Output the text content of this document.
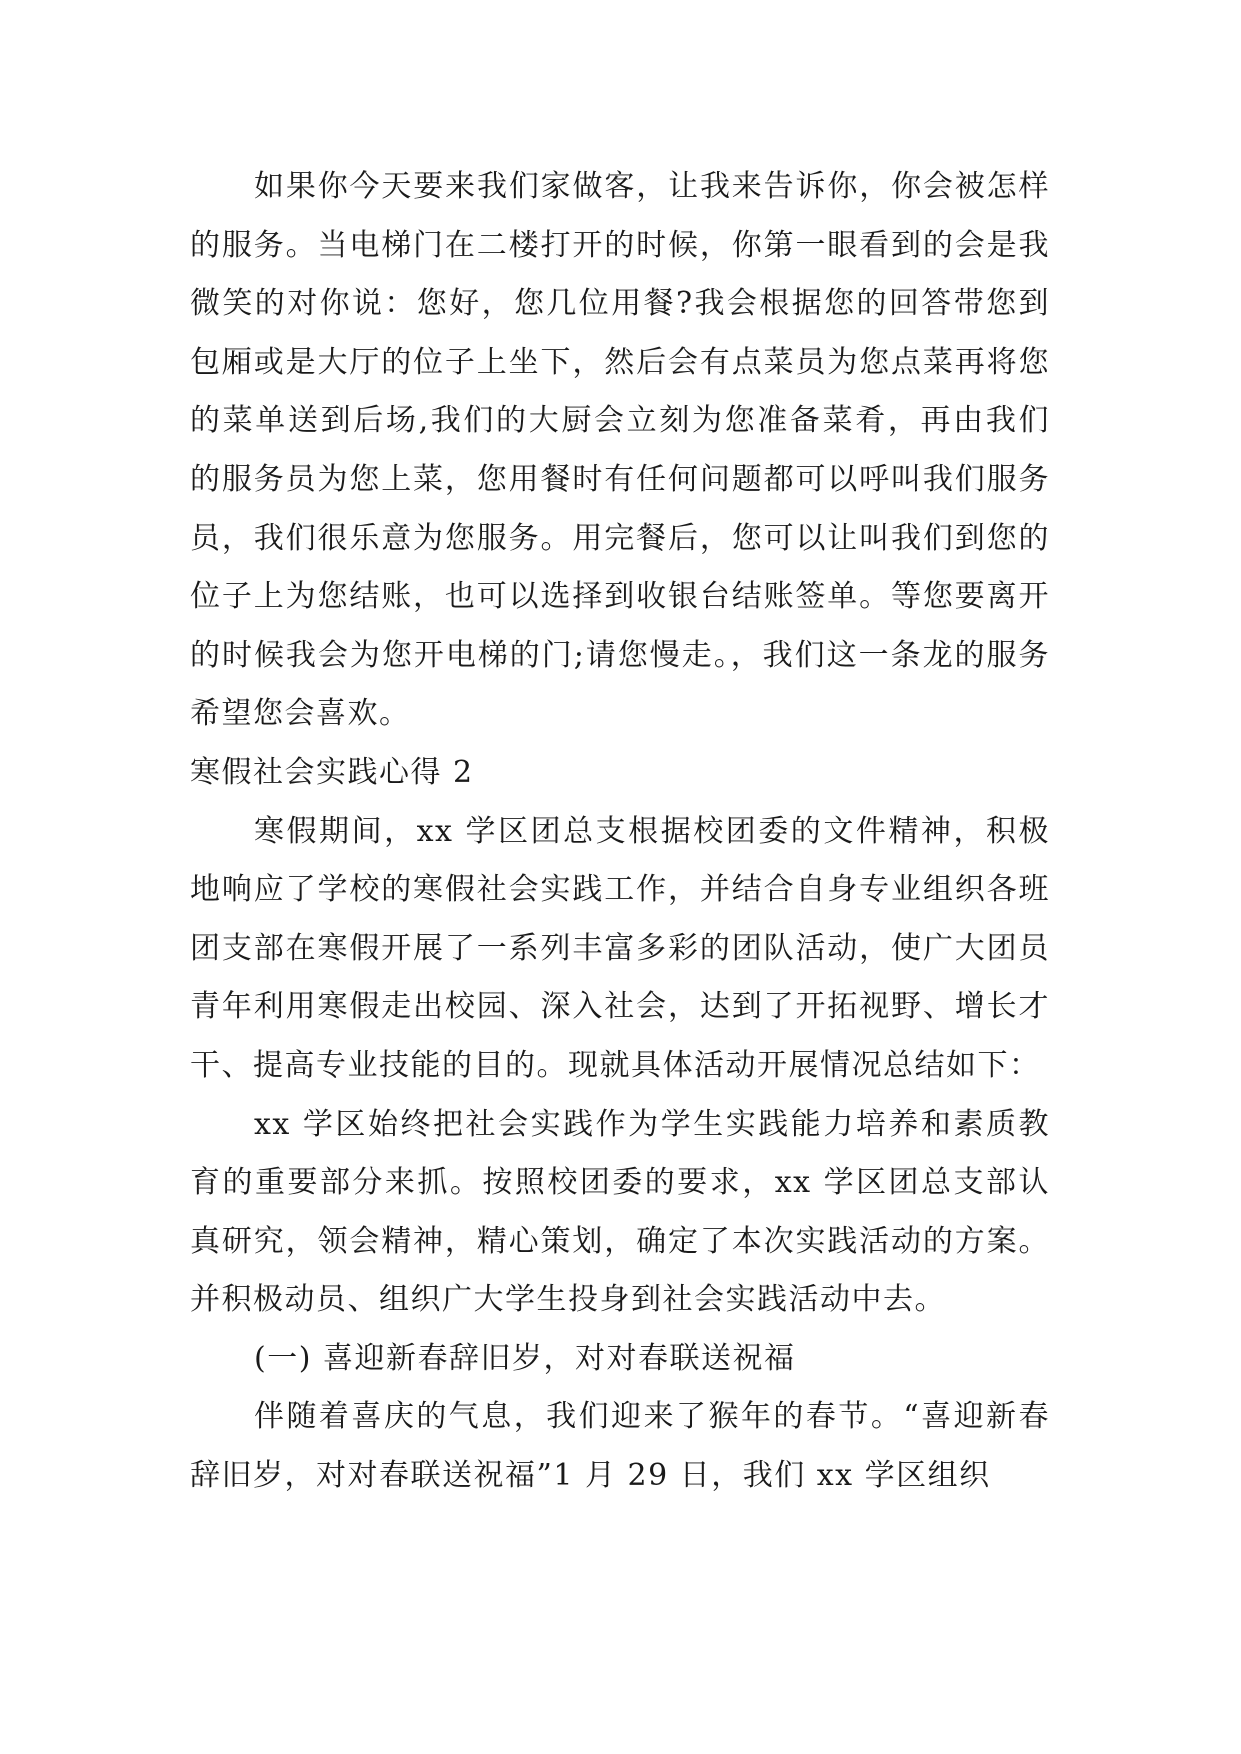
如果你今天要来我们家做客，让我来告诉你，你会被怎样的服务。当电梯门在二楼打开的时候，你第一眼看到的会是我微笑的对你说：您好，您几位用餐?我会根据您的回答带您到包厢或是大厅的位子上坐下，然后会有点菜员为您点菜再将您的菜单送到后场,我们的大厨会立刻为您准备菜肴，再由我们的服务员为您上菜，您用餐时有任何问题都可以呼叫我们服务员，我们很乐意为您服务。用完餐后，您可以让叫我们到您的位子上为您结账，也可以选择到收银台结账签单。等您要离开的时候我会为您开电梯的门;请您慢走。，我们这一条龙的服务希望您会喜欢。

寒假社会实践心得 2

寒假期间，xx 学区团总支根据校团委的文件精神，积极地响应了学校的寒假社会实践工作，并结合自身专业组织各班团支部在寒假开展了一系列丰富多彩的团队活动，使广大团员青年利用寒假走出校园、深入社会，达到了开拓视野、增长才干、提高专业技能的目的。现就具体活动开展情况总结如下：

xx 学区始终把社会实践作为学生实践能力培养和素质教育的重要部分来抓。按照校团委的要求，xx 学区团总支部认真研究，领会精神，精心策划，确定了本次实践活动的方案。并积极动员、组织广大学生投身到社会实践活动中去。

(一) 喜迎新春辞旧岁，对对春联送祝福

伴随着喜庆的气息，我们迎来了猴年的春节。“喜迎新春辞旧岁，对对春联送祝福”1 月 29 日，我们 xx 学区组织
